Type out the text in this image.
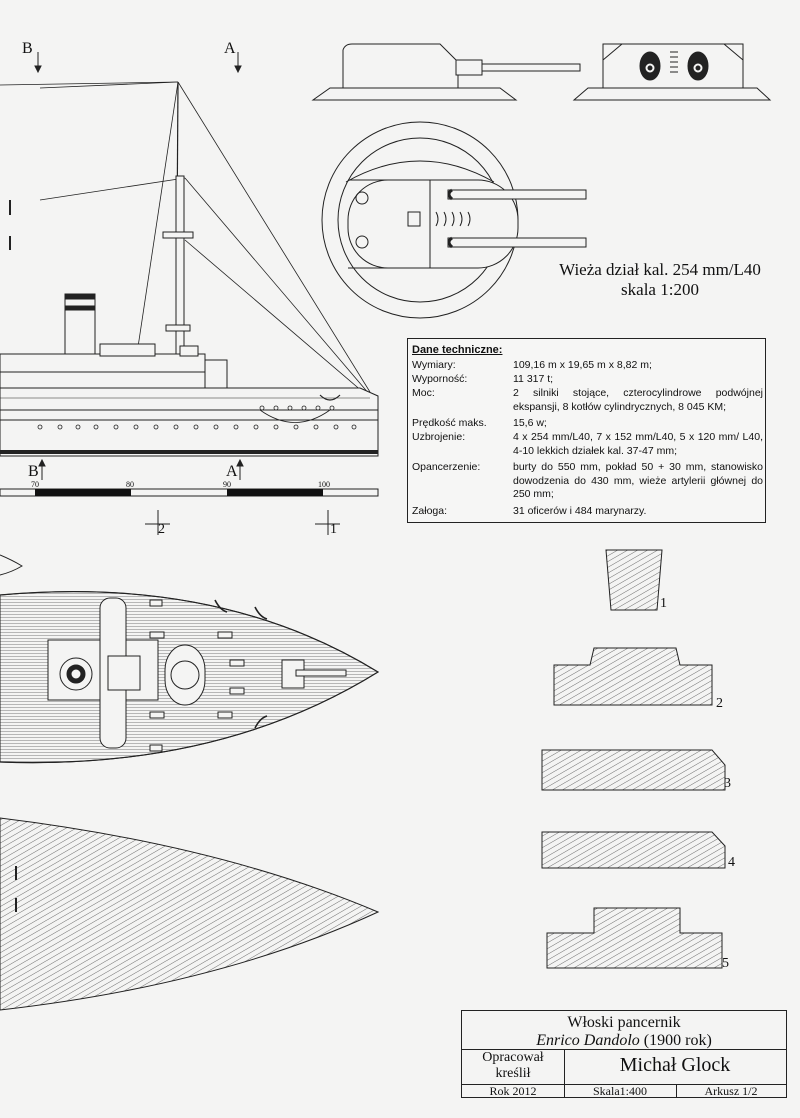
B	A
B	A
2	1
70	80	90	100
Wieża dział kal. 254 mm/L40
skala 1:200
Dane techniczne:
Wymiary:	109,16 m x 19,65 m x 8,82 m;
Wyporność:	11 317 t;
Moc:	2 silniki stojące, czterocylindrowe podwójnej ekspansji, 8 kotłów cylindrycznych, 8 045 KM;
Prędkość maks.	15,6 w;
Uzbrojenie:	4 x 254 mm/L40, 7 x 152 mm/L40, 5 x 120 mm/ L40, 4-10 lekkich działek kal. 37-47 mm;
Opancerzenie:	burty do 550 mm, pokład 50 + 30 mm, stanowisko dowodzenia do 430 mm, wieże artylerii głównej do 250 mm;
Załoga:	31 oficerów i 484 marynarzy.
1
2
3
4
5
Włoski pancernik
Enrico Dandolo (1900 rok)
Opracował
kreślił	Michał Glock
Rok 2012	Skala1:400	Arkusz 1/2
